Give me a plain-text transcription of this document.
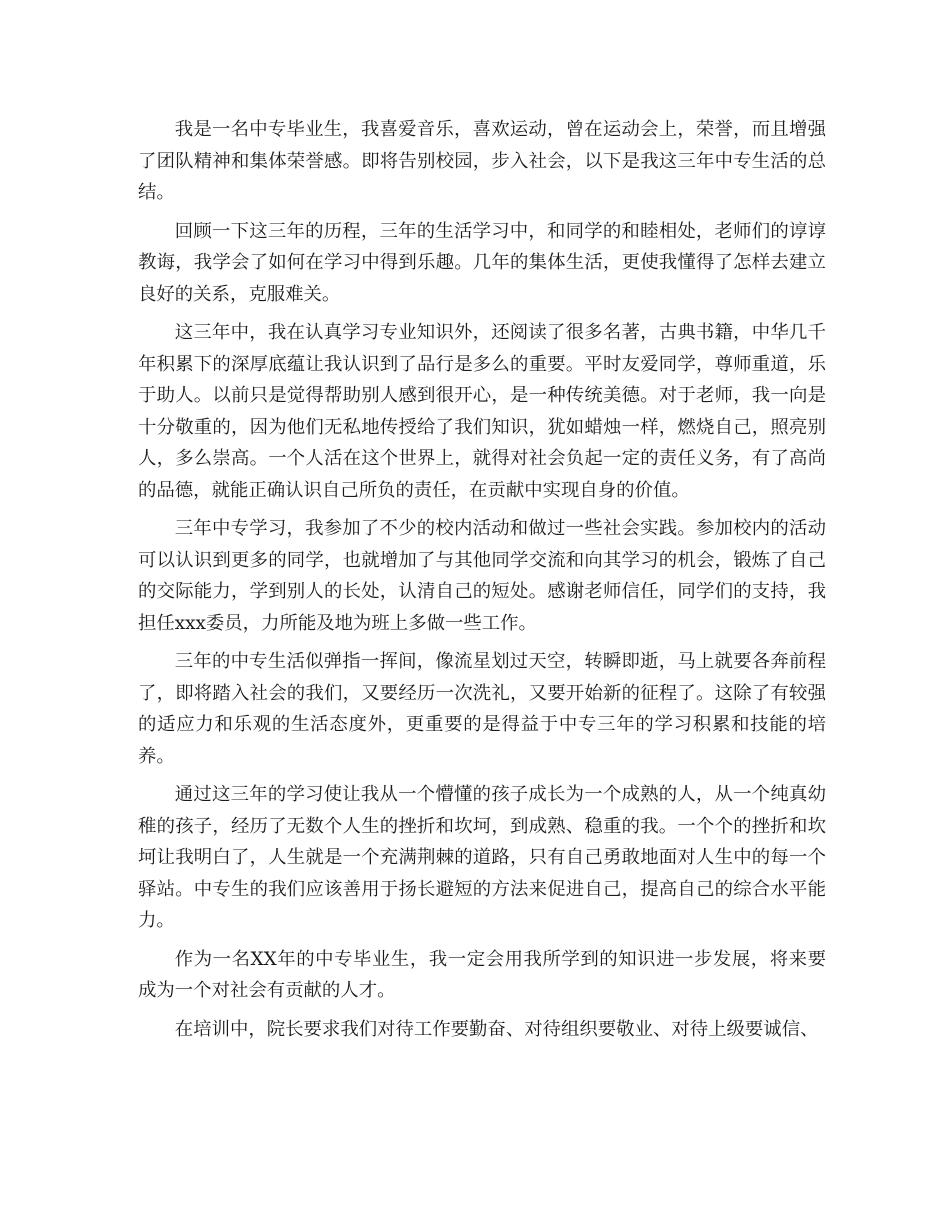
我是一名中专毕业生，我喜爱音乐，喜欢运动，曾在运动会上，荣誉，而且增强了团队精神和集体荣誉感。即将告别校园，步入社会，以下是我这三年中专生活的总结。

回顾一下这三年的历程，三年的生活学习中，和同学的和睦相处，老师们的谆谆教诲，我学会了如何在学习中得到乐趣。几年的集体生活，更使我懂得了怎样去建立良好的关系，克服难关。

这三年中，我在认真学习专业知识外，还阅读了很多名著，古典书籍，中华几千年积累下的深厚底蕴让我认识到了品行是多么的重要。平时友爱同学，尊师重道，乐于助人。以前只是觉得帮助别人感到很开心，是一种传统美德。对于老师，我一向是十分敬重的，因为他们无私地传授给了我们知识，犹如蜡烛一样，燃烧自己，照亮别人，多么崇高。一个人活在这个世界上，就得对社会负起一定的责任义务，有了高尚的品德，就能正确认识自己所负的责任，在贡献中实现自身的价值。

三年中专学习，我参加了不少的校内活动和做过一些社会实践。参加校内的活动可以认识到更多的同学，也就增加了与其他同学交流和向其学习的机会，锻炼了自己的交际能力，学到别人的长处，认清自己的短处。感谢老师信任，同学们的支持，我担任xxx委员，力所能及地为班上多做一些工作。

三年的中专生活似弹指一挥间，像流星划过天空，转瞬即逝，马上就要各奔前程了，即将踏入社会的我们，又要经历一次洗礼，又要开始新的征程了。这除了有较强的适应力和乐观的生活态度外，更重要的是得益于中专三年的学习积累和技能的培养。

通过这三年的学习使让我从一个懵懂的孩子成长为一个成熟的人，从一个纯真幼稚的孩子，经历了无数个人生的挫折和坎坷，到成熟、稳重的我。一个个的挫折和坎坷让我明白了，人生就是一个充满荆棘的道路，只有自己勇敢地面对人生中的每一个驿站。中专生的我们应该善用于扬长避短的方法来促进自己，提高自己的综合水平能力。

作为一名XX年的中专毕业生，我一定会用我所学到的知识进一步发展，将来要成为一个对社会有贡献的人才。

在培训中，院长要求我们对待工作要勤奋、对待组织要敬业、对待上级要诚信、
